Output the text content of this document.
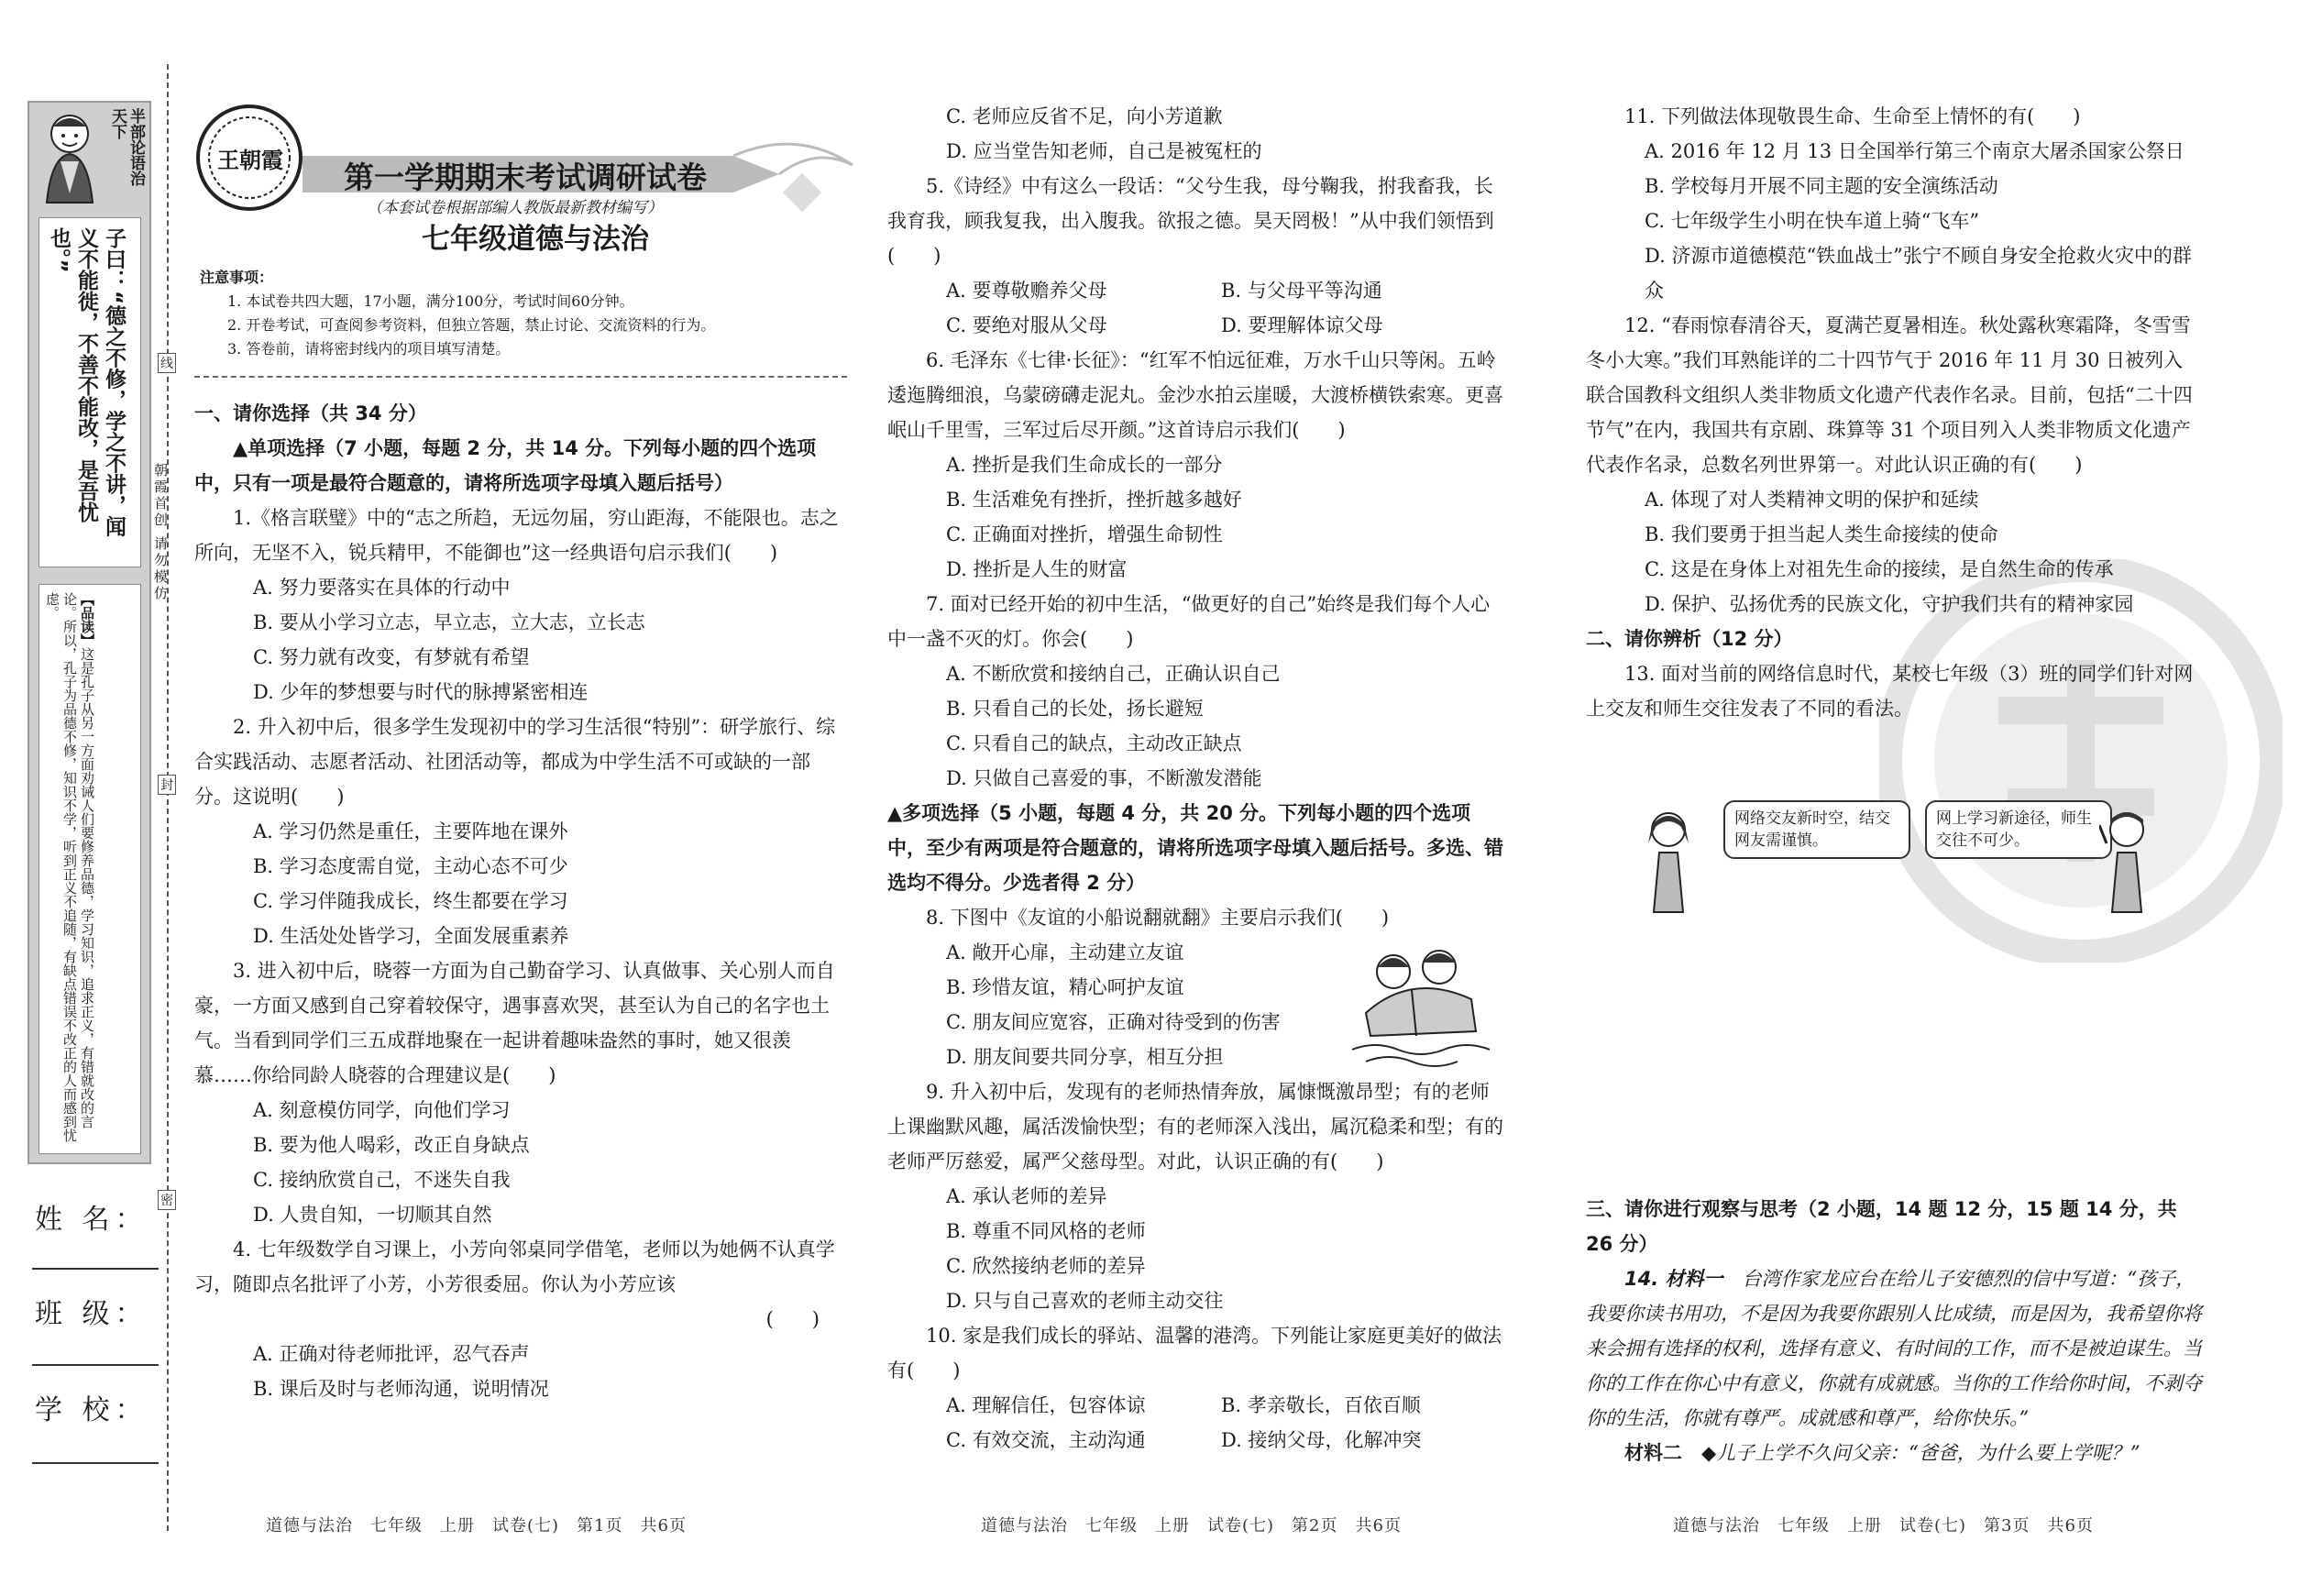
半部论语治天下
子曰：“德之不修，学之不讲，闻义不能徙，不善不能改，是吾忧也。”
【品读】这是孔子从另一方面劝诫人们要修养品德，学习知识，追求正义，有错就改的言论。所以，孔子为品德不修，知识不学，听到正义不追随，有缺点错误不改正的人而感到忧虑。
朝霞首创 请勿模仿
线
封
密
姓 名：
班 级：
学 校：
王朝霞 第一学期期末考试调研试卷
（本套试卷根据部编人教版最新教材编写）
七年级道德与法治
注意事项：
1. 本试卷共四大题，17小题，满分100分，考试时间60分钟。
2. 开卷考试，可查阅参考资料，但独立答题，禁止讨论、交流资料的行为。
3. 答卷前，请将密封线内的项目填写清楚。

一、请你选择（共 34 分）

▲单项选择（7 小题，每题 2 分，共 14 分。下列每小题的四个选项中，只有一项是最符合题意的，请将所选项字母填入题后括号）

1.《格言联璧》中的“志之所趋，无远勿届，穷山距海，不能限也。志之所向，无坚不入，锐兵精甲，不能御也”这一经典语句启示我们(　　)

A. 努力要落实在具体的行动中

B. 要从小学习立志，早立志，立大志，立长志

C. 努力就有改变，有梦就有希望

D. 少年的梦想要与时代的脉搏紧密相连

2. 升入初中后，很多学生发现初中的学习生活很“特别”：研学旅行、综合实践活动、志愿者活动、社团活动等，都成为中学生活不可或缺的一部分。这说明(　　)

A. 学习仍然是重任，主要阵地在课外

B. 学习态度需自觉，主动心态不可少

C. 学习伴随我成长，终生都要在学习

D. 生活处处皆学习，全面发展重素养

3. 进入初中后，晓蓉一方面为自己勤奋学习、认真做事、关心别人而自豪，一方面又感到自己穿着较保守，遇事喜欢哭，甚至认为自己的名字也土气。当看到同学们三五成群地聚在一起讲着趣味盎然的事时，她又很羡慕……你给同龄人晓蓉的合理建议是(　　)

A. 刻意模仿同学，向他们学习

B. 要为他人喝彩，改正自身缺点

C. 接纳欣赏自己，不迷失自我

D. 人贵自知，一切顺其自然

4. 七年级数学自习课上，小芳向邻桌同学借笔，老师以为她俩不认真学习，随即点名批评了小芳，小芳很委屈。你认为小芳应该

(　　)

A. 正确对待老师批评，忍气吞声

B. 课后及时与老师沟通，说明情况

道德与法治　七年级　上册　试卷(七)　第1页　共6页

C. 老师应反省不足，向小芳道歉

D. 应当堂告知老师，自己是被冤枉的

5.《诗经》中有这么一段话：“父兮生我，母兮鞠我，拊我畜我，长我育我，顾我复我，出入腹我。欲报之德。昊天罔极！”从中我们领悟到(　　)

A. 要尊敬赡养父母	B. 与父母平等沟通
C. 要绝对服从父母	D. 要理解体谅父母

6. 毛泽东《七律·长征》：“红军不怕远征难，万水千山只等闲。五岭逶迤腾细浪，乌蒙磅礴走泥丸。金沙水拍云崖暖，大渡桥横铁索寒。更喜岷山千里雪，三军过后尽开颜。”这首诗启示我们(　　)

A. 挫折是我们生命成长的一部分

B. 生活难免有挫折，挫折越多越好

C. 正确面对挫折，增强生命韧性

D. 挫折是人生的财富

7. 面对已经开始的初中生活，“做更好的自己”始终是我们每个人心中一盏不灭的灯。你会(　　)

A. 不断欣赏和接纳自己，正确认识自己

B. 只看自己的长处，扬长避短

C. 只看自己的缺点，主动改正缺点

D. 只做自己喜爱的事，不断激发潜能

▲多项选择（5 小题，每题 4 分，共 20 分。下列每小题的四个选项中，至少有两项是符合题意的，请将所选项字母填入题后括号。多选、错选均不得分。少选者得 2 分）

8. 下图中《友谊的小船说翻就翻》主要启示我们(　　)

A. 敞开心扉，主动建立友谊

B. 珍惜友谊，精心呵护友谊

C. 朋友间应宽容，正确对待受到的伤害

D. 朋友间要共同分享，相互分担

9. 升入初中后，发现有的老师热情奔放，属慷慨激昂型；有的老师上课幽默风趣，属活泼愉快型；有的老师深入浅出，属沉稳柔和型；有的老师严厉慈爱，属严父慈母型。对此，认识正确的有(　　)

A. 承认老师的差异

B. 尊重不同风格的老师

C. 欣然接纳老师的差异

D. 只与自己喜欢的老师主动交往

10. 家是我们成长的驿站、温馨的港湾。下列能让家庭更美好的做法有(　　)

A. 理解信任，包容体谅	B. 孝亲敬长，百依百顺
C. 有效交流，主动沟通	D. 接纳父母，化解冲突
道德与法治　七年级　上册　试卷(七)　第2页　共6页

11. 下列做法体现敬畏生命、生命至上情怀的有(　　)

A. 2016 年 12 月 13 日全国举行第三个南京大屠杀国家公祭日

B. 学校每月开展不同主题的安全演练活动

C. 七年级学生小明在快车道上骑“飞车”

D. 济源市道德模范“铁血战士”张宁不顾自身安全抢救火灾中的群众

12. “春雨惊春清谷天，夏满芒夏暑相连。秋处露秋寒霜降，冬雪雪冬小大寒。”我们耳熟能详的二十四节气于 2016 年 11 月 30 日被列入联合国教科文组织人类非物质文化遗产代表作名录。目前，包括“二十四节气”在内，我国共有京剧、珠算等 31 个项目列入人类非物质文化遗产代表作名录，总数名列世界第一。对此认识正确的有(　　)

A. 体现了对人类精神文明的保护和延续

B. 我们要勇于担当起人类生命接续的使命

C. 这是在身体上对祖先生命的接续，是自然生命的传承

D. 保护、弘扬优秀的民族文化，守护我们共有的精神家园

二、请你辨析（12 分）

13. 面对当前的网络信息时代，某校七年级（3）班的同学们针对网上交友和师生交往发表了不同的看法。

网络交友新时空，结交网友需谨慎。
网上学习新途径，师生交往不可少。

三、请你进行观察与思考（2 小题，14 题 12 分，15 题 14 分，共 26 分）

14. 材料一　 台湾作家龙应台在给儿子安德烈的信中写道：“孩子，我要你读书用功，不是因为我要你跟别人比成绩，而是因为，我希望你将来会拥有选择的权利，选择有意义、有时间的工作，而不是被迫谋生。当你的工作在你心中有意义，你就有成就感。当你的工作给你时间，不剥夺你的生活，你就有尊严。成就感和尊严，给你快乐。”

材料二　 ◆儿子上学不久问父亲：“爸爸，为什么要上学呢？”

道德与法治　七年级　上册　试卷(七)　第3页　共6页
